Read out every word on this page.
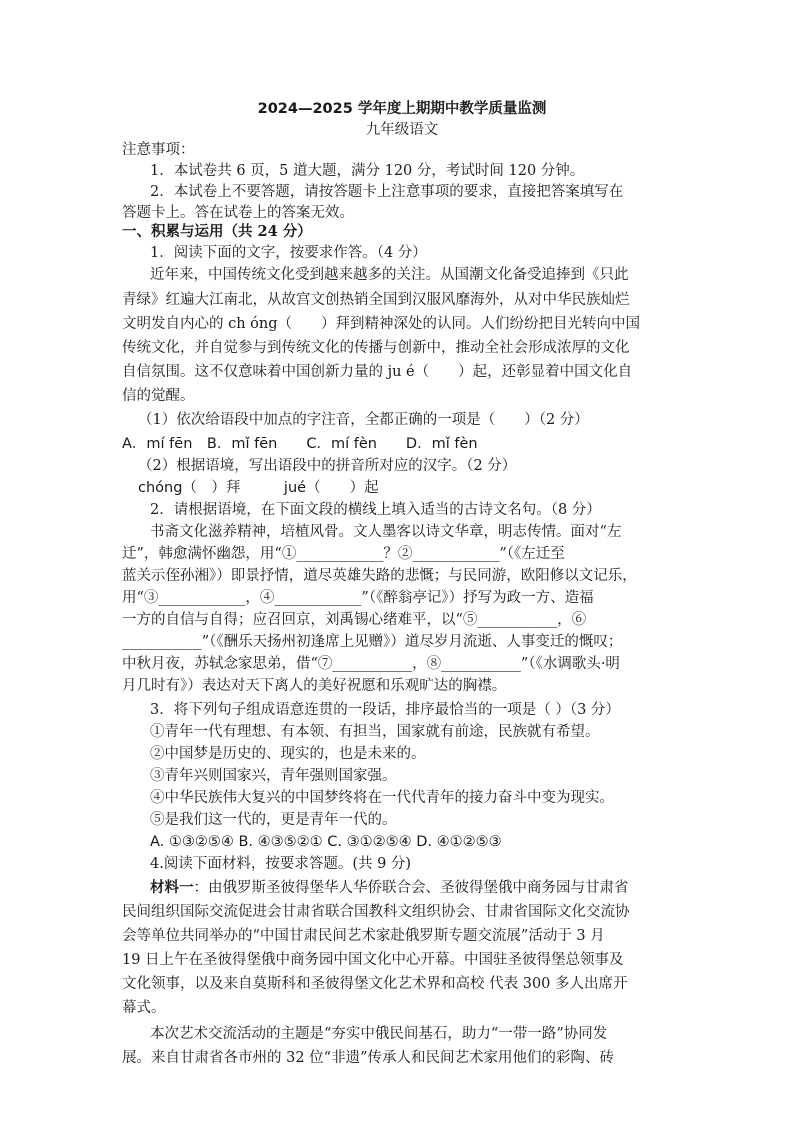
2024—2025 学年度上期期中教学质量监测
九年级语文
注意事项：
1．本试卷共 6 页，5 道大题，满分 120 分，考试时间 120 分钟。
2．本试卷上不要答题，请按答题卡上注意事项的要求，直接把答案填写在
答题卡上。答在试卷上的答案无效。
一、积累与运用（共 24 分）
1．阅读下面的文字，按要求作答。（4 分）
近年来，中国传统文化受到越来越多的关注。从国潮文化备受追捧到《只此
青绿》红遍大江南北，从故宫文创热销全国到汉服风靡海外，从对中华民族灿烂
文明发自内心的 ch óng（　　）拜到精神深处的认同。人们纷纷把目光转向中国
传统文化，并自觉参与到传统文化的传播与创新中，推动全社会形成浓厚的文化
自信氛围。这不仅意味着中国创新力量的 ju é（　　）起，还彰显着中国文化自
信的觉醒。
（1）依次给语段中加点的字注音，全都正确的一项是（　　）（2 分）
A．mí fēn　B．mǐ fēn　　C．mí fèn　　D．mǐ fèn
（2）根据语境，写出语段中的拼音所对应的汉字。（2 分）
chóng（　）拜　　　jué（　　）起
2．请根据语境，在下面文段的横线上填入适当的古诗文名句。（8 分）
书斋文化滋养精神，培植风骨。文人墨客以诗文华章，明志传情。面对“左
迁”，韩愈满怀幽怨，用“①____________？②____________”（《左迁至
蓝关示侄孙湘》）即景抒情，道尽英雄失路的悲慨；与民同游，欧阳修以文记乐，
用“③____________，④____________”（《醉翁亭记》）抒写为政一方、造福
一方的自信与自得；应召回京，刘禹锡心绪难平，以“⑤___________，⑥
___________”（《酬乐天扬州初逢席上见赠》）道尽岁月流逝、人事变迁的慨叹；
中秋月夜，苏轼念家思弟，借“⑦___________，⑧___________”（《水调歌头·明
月几时有》）表达对天下离人的美好祝愿和乐观旷达的胸襟。
3．将下列句子组成语意连贯的一段话，排序最恰当的一项是（ ）（3 分）
①青年一代有理想、有本领、有担当，国家就有前途，民族就有希望。
②中国梦是历史的、现实的，也是未来的。
③青年兴则国家兴，青年强则国家强。
④中华民族伟大复兴的中国梦终将在一代代青年的接力奋斗中变为现实。
⑤是我们这一代的，更是青年一代的。
A. ①③②⑤④ B. ④③⑤②① C. ③①②⑤④ D. ④①②⑤③
4.阅读下面材料，按要求答题。(共 9 分)
材料一：由俄罗斯圣彼得堡华人华侨联合会、圣彼得堡俄中商务园与甘肃省
民间组织国际交流促进会甘肃省联合国教科文组织协会、甘肃省国际文化交流协
会等单位共同举办的“中国甘肃民间艺术家赴俄罗斯专题交流展”活动于 3 月
19 日上午在圣彼得堡俄中商务园中国文化中心开幕。中国驻圣彼得堡总领事及
文化领事，以及来自莫斯科和圣彼得堡文化艺术界和高校 代表 300 多人出席开
幕式。
本次艺术交流活动的主题是“夯实中俄民间基石，助力“一带一路”协同发
展。来自甘肃省各市州的 32 位“非遗”传承人和民间艺术家用他们的彩陶、砖
